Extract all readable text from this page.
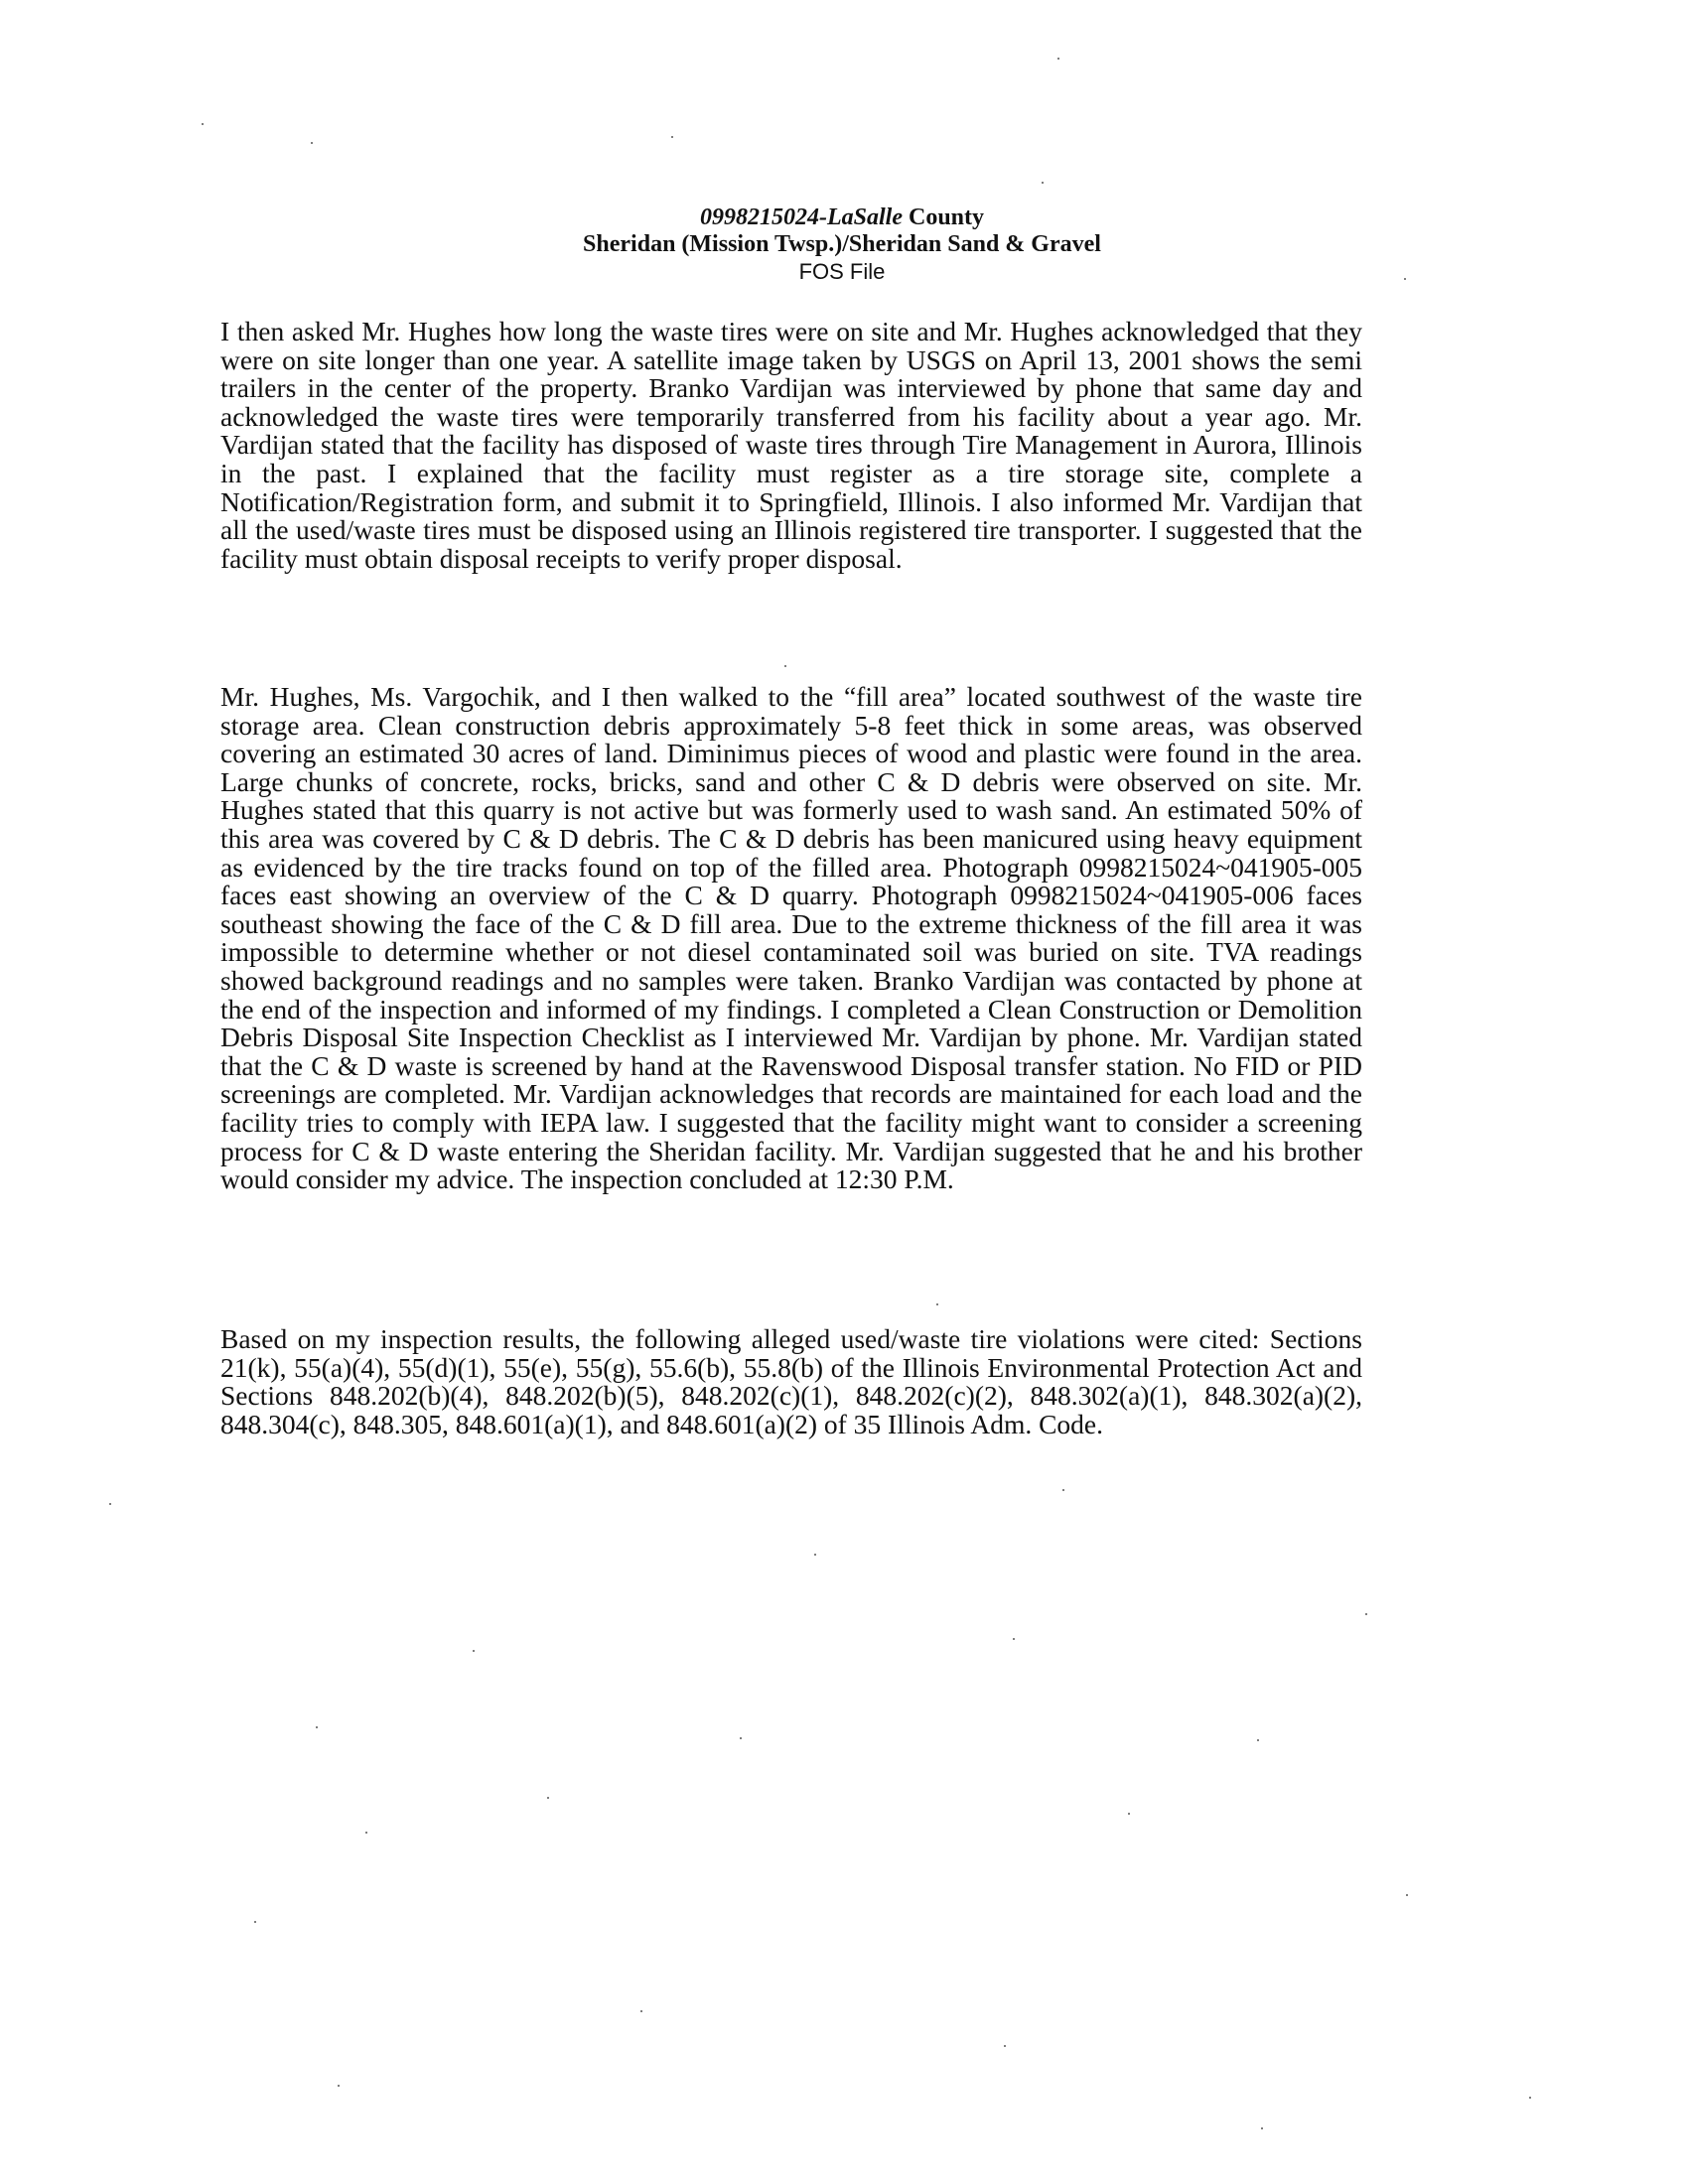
0998215024-LaSalle County
Sheridan (Mission Twsp.)/Sheridan Sand & Gravel
FOS File

I then asked Mr. Hughes how long the waste tires were on site and Mr. Hughes acknowledged that they were on site longer than one year. A satellite image taken by USGS on April 13, 2001 shows the semi trailers in the center of the property. Branko Vardijan was interviewed by phone that same day and acknowledged the waste tires were temporarily transferred from his facility about a year ago. Mr. Vardijan stated that the facility has disposed of waste tires through Tire Management in Aurora, Illinois in the past. I explained that the facility must register as a tire storage site, complete a Notification/Registration form, and submit it to Springfield, Illinois. I also informed Mr. Vardijan that all the used/waste tires must be disposed using an Illinois registered tire transporter. I suggested that the facility must obtain disposal receipts to verify proper disposal.

Mr. Hughes, Ms. Vargochik, and I then walked to the “fill area” located southwest of the waste tire storage area. Clean construction debris approximately 5-8 feet thick in some areas, was observed covering an estimated 30 acres of land. Diminimus pieces of wood and plastic were found in the area. Large chunks of concrete, rocks, bricks, sand and other C & D debris were observed on site. Mr. Hughes stated that this quarry is not active but was formerly used to wash sand. An estimated 50% of this area was covered by C & D debris. The C & D debris has been manicured using heavy equipment as evidenced by the tire tracks found on top of the filled area. Photograph 0998215024~041905-005 faces east showing an overview of the C & D quarry. Photograph 0998215024~041905-006 faces southeast showing the face of the C & D fill area. Due to the extreme thickness of the fill area it was impossible to determine whether or not diesel contaminated soil was buried on site. TVA readings showed background readings and no samples were taken. Branko Vardijan was contacted by phone at the end of the inspection and informed of my findings. I completed a Clean Construction or Demolition Debris Disposal Site Inspection Checklist as I interviewed Mr. Vardijan by phone. Mr. Vardijan stated that the C & D waste is screened by hand at the Ravenswood Disposal transfer station. No FID or PID screenings are completed. Mr. Vardijan acknowledges that records are maintained for each load and the facility tries to comply with IEPA law. I suggested that the facility might want to consider a screening process for C & D waste entering the Sheridan facility. Mr. Vardijan suggested that he and his brother would consider my advice. The inspection concluded at 12:30 P.M.

Based on my inspection results, the following alleged used/waste tire violations were cited: Sections 21(k), 55(a)(4), 55(d)(1), 55(e), 55(g), 55.6(b), 55.8(b) of the Illinois Environmental Protection Act and Sections 848.202(b)(4), 848.202(b)(5), 848.202(c)(1), 848.202(c)(2), 848.302(a)(1), 848.302(a)(2), 848.304(c), 848.305, 848.601(a)(1), and 848.601(a)(2) of 35 Illinois Adm. Code.
